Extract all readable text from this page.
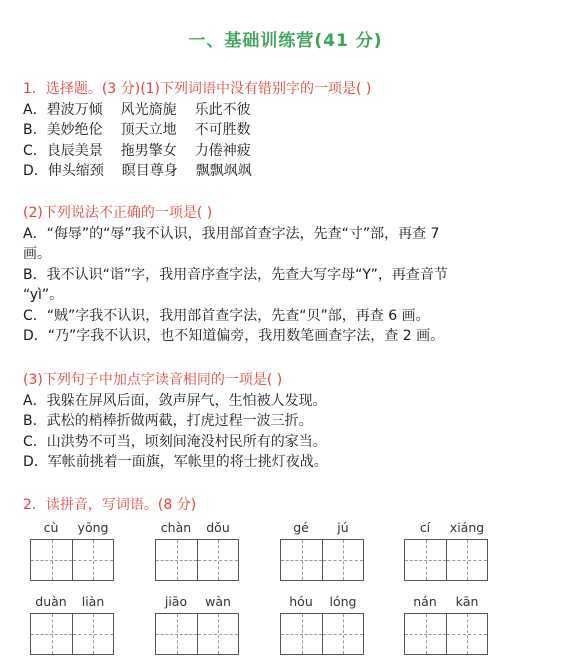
一、基础训练营(41 分)
1．选择题。(3 分)(1)下列词语中没有错别字的一项是( )
A．碧波万倾 风光旖旎 乐此不彼
B．美妙绝伦 顶天立地 不可胜数
C．良辰美景 拖男擎女 力倦神疲
D．伸头缩颈 瞑目尊身 飘飘飒飒
(2)下列说法不正确的一项是( )
A．“侮辱”的“辱”我不认识，我用部首查字法，先查“寸”部，再查 7
画。
B．我不认识“诣”字，我用音序查字法，先查大写字母“Y”，再查音节
“yì”。
C．“贼”字我不认识，我用部首查字法，先查“贝”部，再查 6 画。
D．“乃”字我不认识，也不知道偏旁，我用数笔画查字法，查 2 画。
(3)下列句子中加点字读音相同的一项是( )
A．我躲在屏风后面，敛声屏气，生怕被人发现。
B．武松的梢棒折做两截，打虎过程一波三折。
C．山洪势不可当，顷刻间淹没村民所有的家当。
D．军帐前挑着一面旗，军帐里的将士挑灯夜战。
2．读拼音，写词语。(8 分)
cù	yōng	chàn	dǒu	gé	jú	cí	xiáng
duàn	liàn	jiāo	wàn	hóu	lóng	nán	kān
